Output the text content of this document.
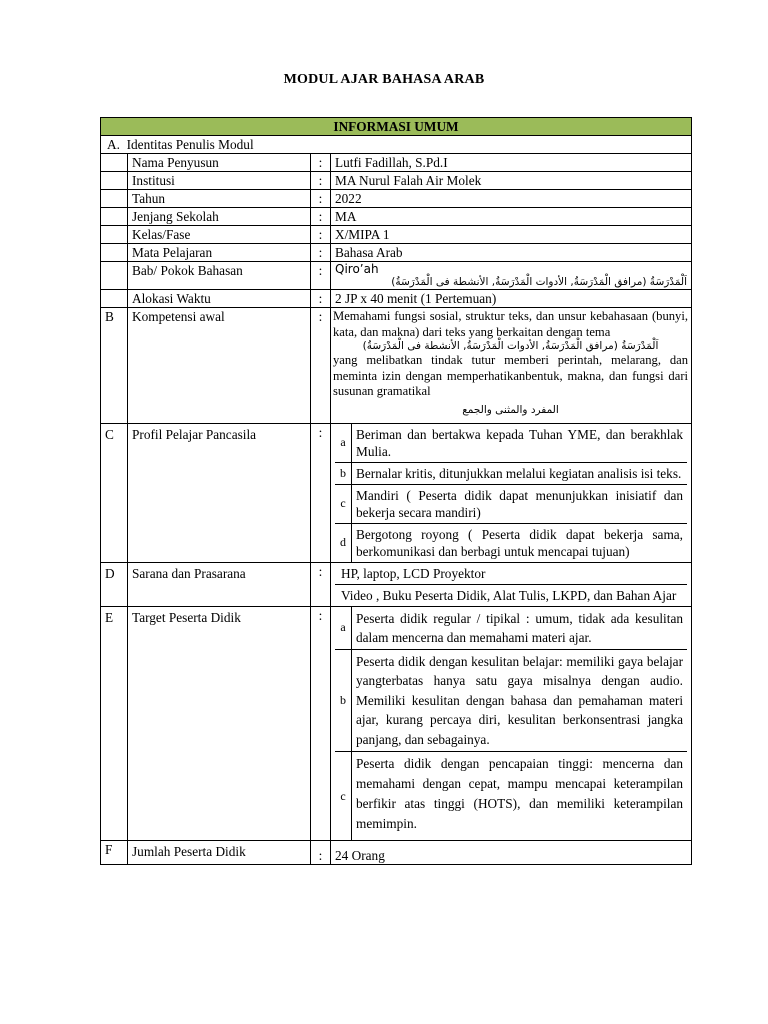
MODUL AJAR BAHASA ARAB
INFORMASI UMUM
A. Identitas Penulis Modul
	Nama Penyusun	:	Lutfi Fadillah, S.Pd.I
	Institusi	:	MA Nurul Falah Air Molek
	Tahun	:	2022
	Jenjang Sekolah	:	MA
	Kelas/Fase	:	X/MIPA 1
	Mata Pelajaran	:	Bahasa Arab
	Bab/ Pokok Bahasan	:	Qiro’ah
اَلْمَدْرَسَةُ (مرافق الْمَدْرَسَةُ, الأدوات الْمَدْرَسَةُ, الأنشطة فى الْمَدْرَسَةُ)

	Alokasi Waktu	:	2 JP x 40 menit (1 Pertemuan)
B	Kompetensi awal	:	Memahami fungsi sosial, struktur teks, dan unsur kebahasaan (bunyi, kata, dan makna) dari teks yang berkaitan dengan tema
اَلْمَدْرَسَةُ (مرافق الْمَدْرَسَةُ, الأدوات الْمَدْرَسَةُ, الأنشطة فى الْمَدْرَسَةُ)
yang melibatkan tindak tutur memberi perintah, melarang, dan meminta izin dengan memperhatikanbentuk, makna, dan fungsi dari susunan gramatikal
المفرد والمثنى والجمع

C	Profil Pelajar Pancasila	:	
a	Beriman dan bertakwa kepada Tuhan YME, dan berakhlak Mulia.
b	Bernalar kritis, ditunjukkan melalui kegiatan analisis isi teks.
c	Mandiri ( Peserta didik dapat menunjukkan inisiatif dan bekerja secara mandiri)
d	Bergotong royong ( Peserta didik dapat bekerja sama, berkomunikasi dan berbagi untuk mencapai tujuan)

D	Sarana dan Prasarana	:	HP, laptop, LCD Proyektor
Video , Buku Peserta Didik, Alat Tulis, LKPD, dan Bahan Ajar

E	Target Peserta Didik	:	
a	Peserta didik regular / tipikal : umum, tidak ada kesulitan dalam mencerna dan memahami materi ajar.
b	Peserta didik dengan kesulitan belajar: memiliki gaya belajar yangterbatas hanya satu gaya misalnya dengan audio. Memiliki kesulitan dengan bahasa dan pemahaman materi ajar, kurang percaya diri, kesulitan berkonsentrasi jangka panjang, dan sebagainya.
c	Peserta didik dengan pencapaian tinggi: mencerna dan memahami dengan cepat, mampu mencapai keterampilan berfikir atas tinggi (HOTS), dan memiliki keterampilan memimpin.

F	Jumlah Peserta Didik	:	24 Orang
